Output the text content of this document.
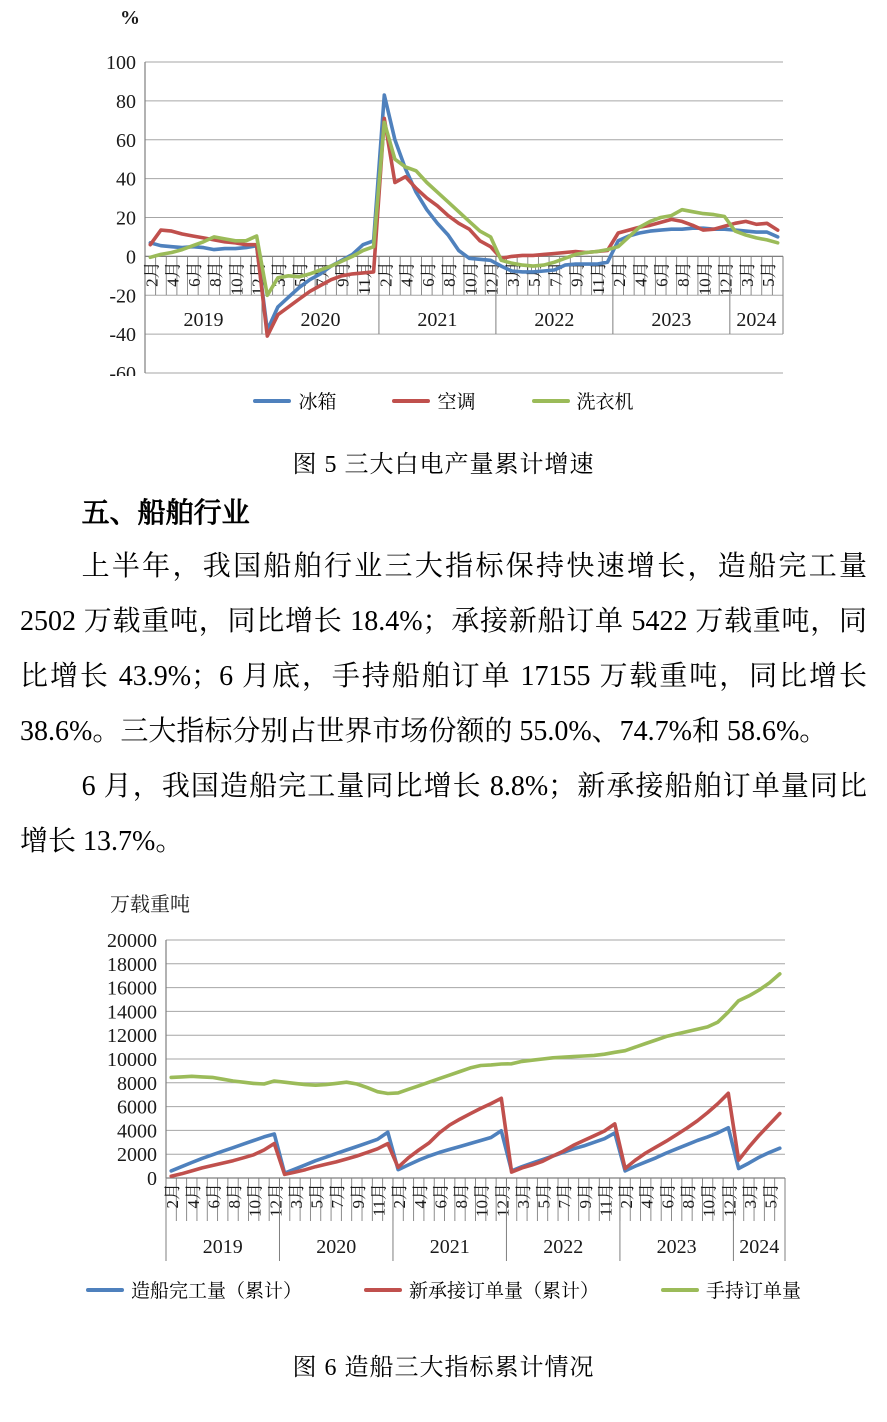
-60
-40
-20
0
20
40
60
80
100
%
2月 4月 6月 8月 10月 12月
2019
3月 5月 7月 9月 11月
2020
2月 4月 6月 8月 10月 12月
2021
3月 5月 7月 9月 11月
2022
2月 4月 6月 8月 10月 12月
2023
3月 5月
2024
冰箱	空调	洗衣机
图 5 三大白电产量累计增速
五、船舶行业

上半年，我国船舶行业三大指标保持快速增长，造船完工量 2502 万载重吨，同比增长 18.4%；承接新船订单 5422 万载重吨，同比增长 43.9%；6 月底，手持船舶订单 17155 万载重吨，同比增长 38.6%。三大指标分别占世界市场份额的 55.0%、74.7%和 58.6%。

6 月，我国造船完工量同比增长 8.8%；新承接船舶订单量同比增长 13.7%。

0
2000
4000
6000
8000
10000
12000
14000
16000
18000
20000
万载重吨
2月 4月 6月 8月 10月 12月
2019
3月 5月 7月 9月 11月
2020
2月 4月 6月 8月 10月 12月
2021
3月 5月 7月 9月 11月
2022
2月 4月 6月 8月 10月 12月
2023
3月 5月
2024
造船完工量（累计）	新承接订单量（累计）	手持订单量
图 6 造船三大指标累计情况
